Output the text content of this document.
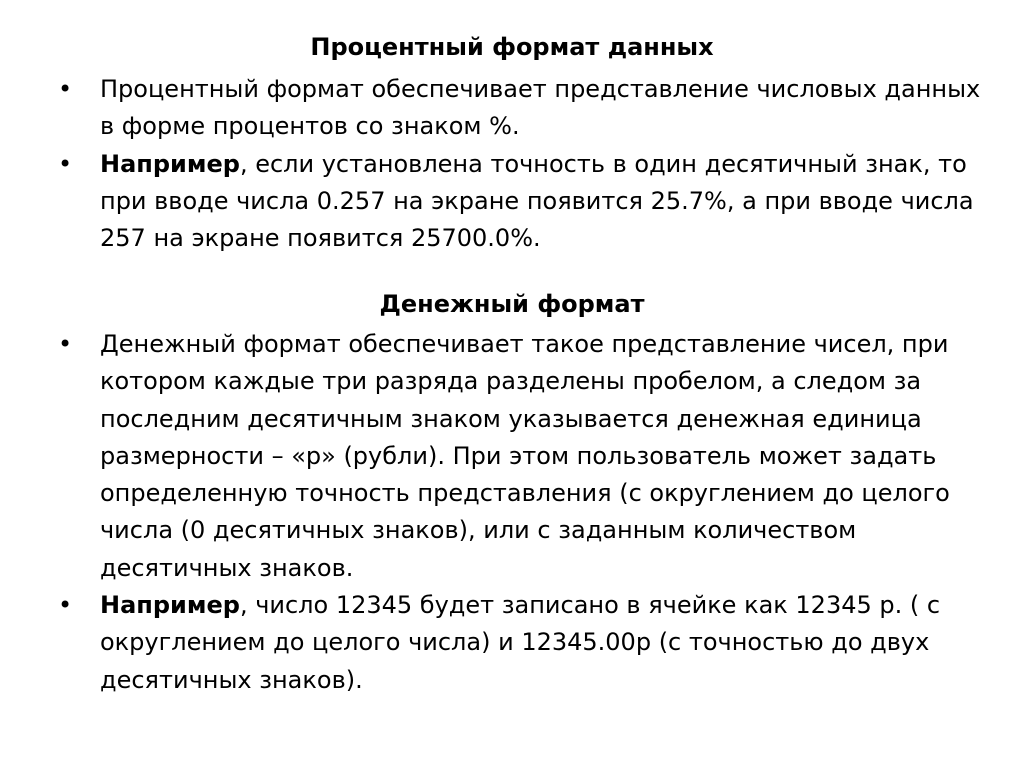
Процентный формат данных
•	Процентный формат обеспечивает представление числовых данных в форме процентов со знаком %.
•	Например, если установлена точность в один десятичный знак, то при вводе числа 0.257 на экране появится 25.7%, а при вводе числа 257 на экране появится 25700.0%.
Денежный формат
•	Денежный формат обеспечивает такое представление чисел, при котором каждые три разряда разделены пробелом, а следом за последним десятичным знаком указывается денежная единица размерности – «р» (рубли). При этом пользователь может задать определенную точность представления (с округлением до целого числа (0 десятичных знаков), или с заданным количеством десятичных знаков.
•	Например, число 12345 будет записано в ячейке как 12345 р. ( с округлением до целого числа) и 12345.00р (с точностью до двух десятичных знаков).
